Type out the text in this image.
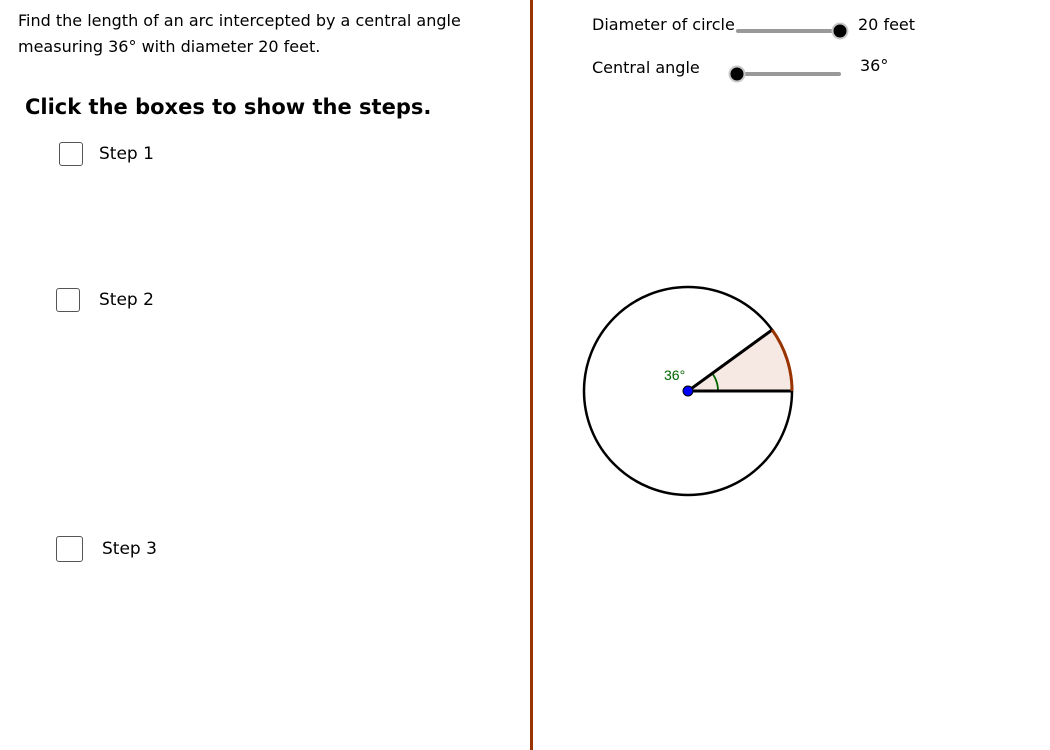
Find the length of an arc intercepted by a central angle
measuring 36° with diameter 20 feet.
Click the boxes to show the steps.
Step 1
Step 2
Step 3
Diameter of circle	20 feet
Central angle	36°
36°
